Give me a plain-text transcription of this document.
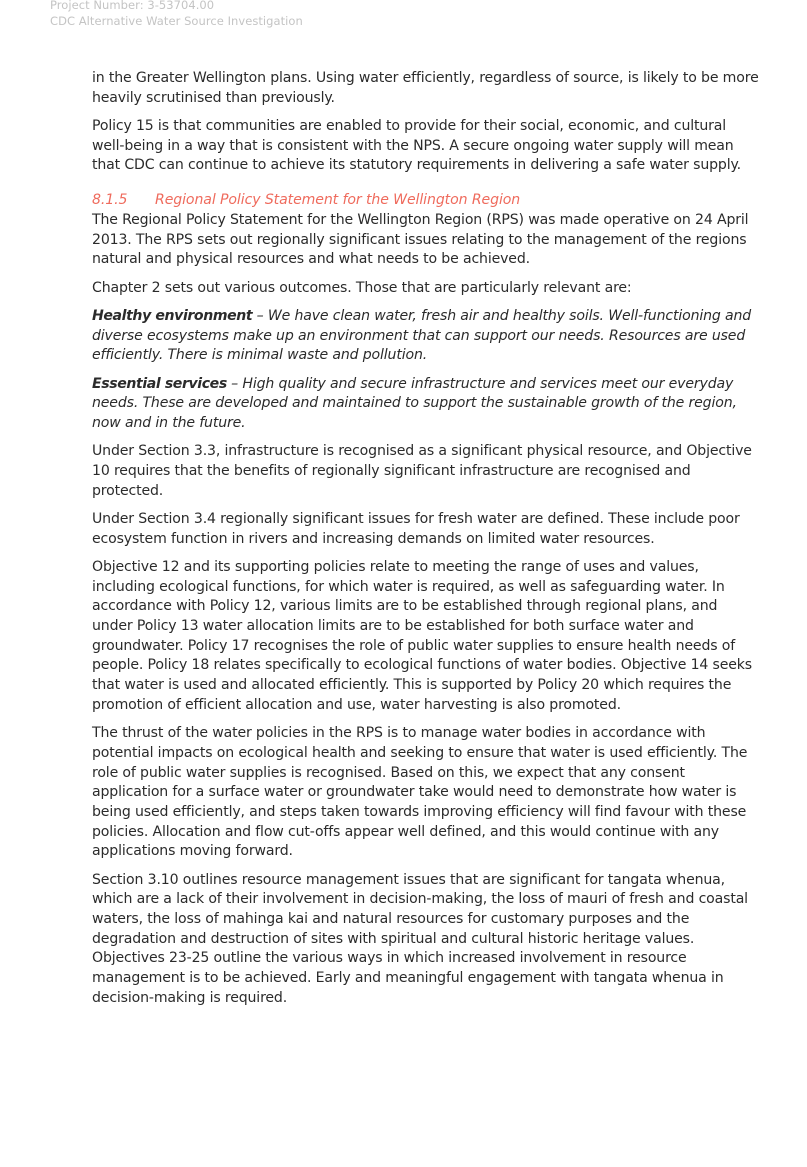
Project Number: 3-53704.00
CDC Alternative Water Source Investigation

in the Greater Wellington plans. Using water efficiently, regardless of source, is likely to be more heavily scrutinised than previously.

Policy 15 is that communities are enabled to provide for their social, economic, and cultural well-being in a way that is consistent with the NPS. A secure ongoing water supply will mean that CDC can continue to achieve its statutory requirements in delivering a safe water supply.

8.1.5 Regional Policy Statement for the Wellington Region

The Regional Policy Statement for the Wellington Region (RPS) was made operative on 24 April 2013. The RPS sets out regionally significant issues relating to the management of the regions natural and physical resources and what needs to be achieved.

Chapter 2 sets out various outcomes. Those that are particularly relevant are:

Healthy environment – We have clean water, fresh air and healthy soils. Well-functioning and diverse ecosystems make up an environment that can support our needs. Resources are used efficiently. There is minimal waste and pollution.

Essential services – High quality and secure infrastructure and services meet our everyday needs. These are developed and maintained to support the sustainable growth of the region, now and in the future.

Under Section 3.3, infrastructure is recognised as a significant physical resource, and Objective 10 requires that the benefits of regionally significant infrastructure are recognised and protected.

Under Section 3.4 regionally significant issues for fresh water are defined. These include poor ecosystem function in rivers and increasing demands on limited water resources.

Objective 12 and its supporting policies relate to meeting the range of uses and values, including ecological functions, for which water is required, as well as safeguarding water. In accordance with Policy 12, various limits are to be established through regional plans, and under Policy 13 water allocation limits are to be established for both surface water and groundwater. Policy 17 recognises the role of public water supplies to ensure health needs of people. Policy 18 relates specifically to ecological functions of water bodies. Objective 14 seeks that water is used and allocated efficiently. This is supported by Policy 20 which requires the promotion of efficient allocation and use, water harvesting is also promoted.

The thrust of the water policies in the RPS is to manage water bodies in accordance with potential impacts on ecological health and seeking to ensure that water is used efficiently. The role of public water supplies is recognised. Based on this, we expect that any consent application for a surface water or groundwater take would need to demonstrate how water is being used efficiently, and steps taken towards improving efficiency will find favour with these policies. Allocation and flow cut-offs appear well defined, and this would continue with any applications moving forward.

Section 3.10 outlines resource management issues that are significant for tangata whenua, which are a lack of their involvement in decision-making, the loss of mauri of fresh and coastal waters, the loss of mahinga kai and natural resources for customary purposes and the degradation and destruction of sites with spiritual and cultural historic heritage values. Objectives 23-25 outline the various ways in which increased involvement in resource management is to be achieved. Early and meaningful engagement with tangata whenua in decision-making is required.
